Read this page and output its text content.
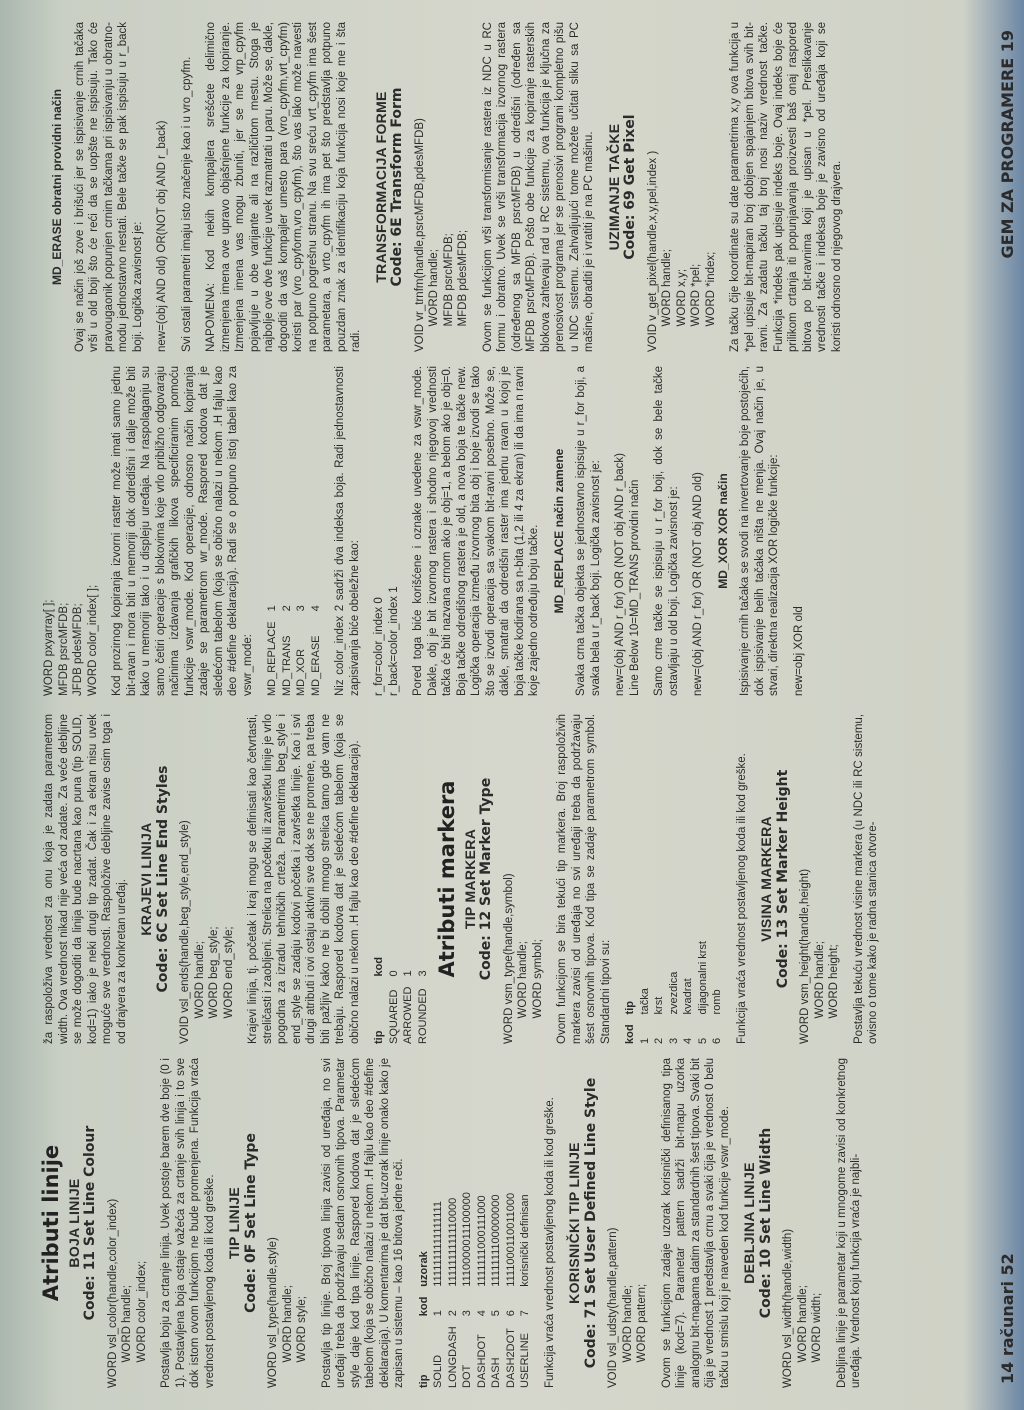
Atributi linije BOJA LINIJE Code: 11 Set Line Colour
WORD vsl_color(handle,color_index)
WORD handle;
WORD color_index; Postavlja boju za crtanje linija. Uvek postoje barem dve boje (0 i 1). Postavljena boja ostaje važeća za crtanje svih linija i to sve dok istom ovom funkcijom ne bude promenjena. Funkcija vraća vrednost postavljenog koda ili kod greške. TIP LINIJE Code: 0F Set Line Type
WORD vsl_type(handle,style)
WORD handle;
WORD style; Postavlja tip linije. Broj tipova linija zavisi od uređaja, no svi uređaji treba da podržavaju sedam osnovnih tipova. Parametar style daje kod tipa linije. Raspored kodova dat je sledećom tabelom (koja se obično nalazi u nekom .H fajlu kao deo #define deklaracija). U komentarima je dat bit-uzorak linije onako kako je zapisan u sistemu – kao 16 bitova jedne reči. tip	kod	uzorak
SOLID	1	1111111111111111
LONGDASH	2	1111111111110000
DOT	3	1110000011100000
DASHDOT	4	1111111000111000
DASH	5	1111111100000000
DASH2DOT	6	1111000110011000
USERLINE	7	korisnički definisan Funkcija vraća vrednost postavljenog koda ili kod greške. KORISNIČKI TIP LINIJE Code: 71 Set User Defined Line Style
VOID vsl_udsty(handle,pattern)
WORD handle;
WORD pattern; Ovom se funkcijom zadaje uzorak korisnički definisanog tipa linije (kod=7). Parametar pattern sadrži bit-mapu uzorka analognu bit-mapama datim za standardnih šest tipova. Svaki bit čija je vrednost 1 predstavlja crnu a svaki čija je vrednost 0 belu tačku u smislu koji je naveden kod funkcije vswr_mode. DEBLJINA LINIJE Code: 10 Set Line Width
WORD vsl_width(handle,width)
WORD handle;
WORD width; Debljina linije je parametar koji u mnogome zavisi od konkretnog uređaja. Vrednost koju funkcija vraća je najbli-

ža raspoloživa vrednost za onu koja je zadata parametrom width. Ova vrednost nikad nije veća od zadate. Za veće debljine se može dogoditi da linija bude nacrtana kao puna (tip SOLID, kod=1) iako je neki drugi tip zadat. Čak i za ekran nisu uvek moguće sve vrednosti. Raspoložive debljine zavise osim toga i od drajvera za konkretan uređaj.

KRAJEVI LINIJA Code: 6C Set Line End Styles
VOID vsl_ends(handle,beg_style,end_style)
WORD handle;
WORD beg_style;
WORD end_style; Krajevi linija, tj. početak i kraj mogu se definisati kao četvrtasti, streličasti i zaobljeni. Strelica na početku ili završetku linije je vrlo pogodna za izradu tehničkih crteža. Parametrima beg_style i end_style se zadaju kodovi početka i završetka linije. Kao i svi drugi atributi i ovi ostaju aktivni sve dok se ne promene, pa treba biti pažljiv kako ne bi dobili mnogo strelica tamo gde vam ne trebaju. Raspored kodova dat je sledećom tabelom (koja se obično nalazi u nekom .H fajlu kao deo #define deklaracija). tip	kod
SQUARED	0
ARROWED	1
ROUNDED	3 Atributi markera TIP MARKERA Code: 12 Set Marker Type
WORD vsm_type(handle,symbol)
WORD handle;
WORD symbol; Ovom funkcijom se bira tekući tip markera. Broj raspoloživih markera zavisi od uređaja no svi uređaji treba da podržavaju šest osnovnih tipova. Kod tipa se zadaje parametrom symbol. Standardni tipovi su: kod	tip
1	tačka
2	krst
3	zvezdica
4	kvadrat
5	dijagonalni krst
6	romb Funkcija vraća vrednost postavljenog koda ili kod greške. VISINA MARKERA Code: 13 Set Marker Height
WORD vsm_height(handle,height)
WORD handle;
WORD height; Postavlja tekuću vrednost visine markera (u NDC ili RC sistemu, ovisno o tome kako je radna stanica otvore-

WORD pxyarray[ ];
MFDB psrcMFDB;
JFDB pdesMFDB;
WORD color_index[ ]; Kod prozirnog kopiranja izvorni rastter može imati samo jednu bit-ravan i mora biti u memoriji dok odredišni i dalje može biti kako u memoriji tako i u displeju uređaja. Na raspolaganju su samo četiri operacije s blokovima koje vrlo približno odgovaraju načinima izdavanja grafičkih likova specificiranim pomoću funkcije vswr_mode. Kod operacije, odnosno način kopiranja zadaje se parametrom wr_mode. Raspored kodova dat je sledećom tabelom (koja se obično nalazi u nekom .H fajlu kao deo #define deklaracija). Radi se o potpuno istoj tabeli kao za vswr_mode: MD_REPLACE	1
MD_TRANS	2
MD_XOR	3
MD_ERASE	4 Niz color_index 2 sadrži dva indeksa boja. Radi jednostavnosti zapisivanja biće obeležne kao: r_for=color_index 0
r_back=color_index 1 Pored toga biće korišćene i oznake uvedene za vswr_mode. Dakle, obj je bit izvornog rastera i shodno njegovoj vrednosti tačka će biti nazvana crnom ako je obj=1, a belom ako je obj=0. Boja tačke odredišnog rastera je old, a nova boja te tačke new. Logička operacija između izvornog bita obj i boje izvodi se tako što se izvodi operacija sa svakom bit-ravni posebno. Može se, dakle, smatrati da odredišni raster ima jednu ravan u kojoj je boja tačke kodirana sa n-bita (1,2 ili 4 za ekran) ili da ima n ravni koje zajedno određuju boju tačke. MD_REPLACE način zamene Svaka crna tačka objekta se jednostavno ispisuje u r_for boji, a svaka bela u r_back boji. Logička zavisnost je: new=(obj AND r_for) OR (NOT obj AND r_back)
Line Below 10=MD_TRANS providni način Samo crne tačke se ispisuju u r_for boji, dok se bele tačke ostavljaju u old boji. Logička zavisnost je: new=(obj AND r_for) OR (NOT obj AND old) MD_XOR XOR način Ispisivanje crnih tačaka se svodi na invertovanje boje postojećih, dok ispisivanje belih tačaka ništa ne menja. Ovaj način je, u stvari, direktna realizacija XOR logičke funkcije: new=obj XOR old
MD_ERASE obratni providni način Ovaj se način još zove i brišući jer se ispisivanje crnih tačaka vrši u old boji što će reći da se uopšte ne ispisuju. Tako će pravougaonik popunjen crnim tačkama pri ispisivanju u obratno-modu jednostavno nestati. Bele tačke se pak ispisuju u r_back boji. Logička zavisnost je: new=(obj AND old) OR(NOT obj AND r_back) Svi ostali parametri imaju isto značenje kao i u vro_cpyfm. NAPOMENA: Kod nekih kompajlera srešćete delimično izmenjena imena ove upravo objašnjene funkcije za kopiranje. Izmenjena imena vas mogu zbuniti, jer se me vrp_cpyfm pojavljuje u obe varijante ali na različitom mestu. Stoga je najbolje ove dve funkcije uvek razmatrati u paru. Može se, dakle, dogoditi da vaš kompajler umesto para (vro_cpyfm,vrt_cpyfm) koristi par (vro_cpyform,vro_cpyfm), što vas lako može navesti na potpuno pogrešnu stranu. Na svu sreću vrt_cpyfm ima šest parametara, a vrto_cpyfm ih ima pet što predstavlja potpuno pouzdan znak za identifikaciju koja funkcija nosi koje me i šta radi.

TRANSFORMACIJA FORME Code: 6E Transform Form
VOID vr_trnfm(handle,psrcMFDB,pdesMFDB)
WORD handle;
MFDB psrcMFDB;
MFDB pdesMFDB; Ovom se funkcijom vrši transformisanje rastera iz NDC u RC formu i obratno. Uvek se vrši transformacija izvornog rastera (određenog sa MFDB psrcMFDB) u odredišni (određen sa MFDB psrcMFDB). Pošto obe funkcije za kopiranje rasterskih blokova zahtevaju rad u RC sistemu, ova funkcija je ključna za prenosivost programa jer se prenosivi programi kompletno pišu u NDC sistemu. Zahvaljujući tome možete učitati sliku sa PC mašine, obraditi je i vratiti je na PC mašinu. UZIMANJE TAČKE Code: 69 Get Pixel
VOID v_get_pixel(handle,x,y,pel,index )
WORD handle;
WORD x,y;
WORD *pel;
WORD *index; Za tačku čije koordinate su date parametrima x,y ova funkcija u *pel upisuje bit-mapiran broj dobijen spajanjem bitova svih bit-ravni. Za zadatu tačku taj broj nosi naziv vrednost tačke. Funkcija *indeks pak upisuje indeks boje. Ovaj indeks boje će prilikom crtanja iti popunjavanja proizvesti baš onaj raspored bitova po bit-ravnima koji je upisan u *pel. Preslikavanje vrednosti tačke i indeksa boje je zavisno od uređaja koji se koristi odnosno od njegovog drajvera.

14 računari 52
GEM ZA PROGRAMERE 19
